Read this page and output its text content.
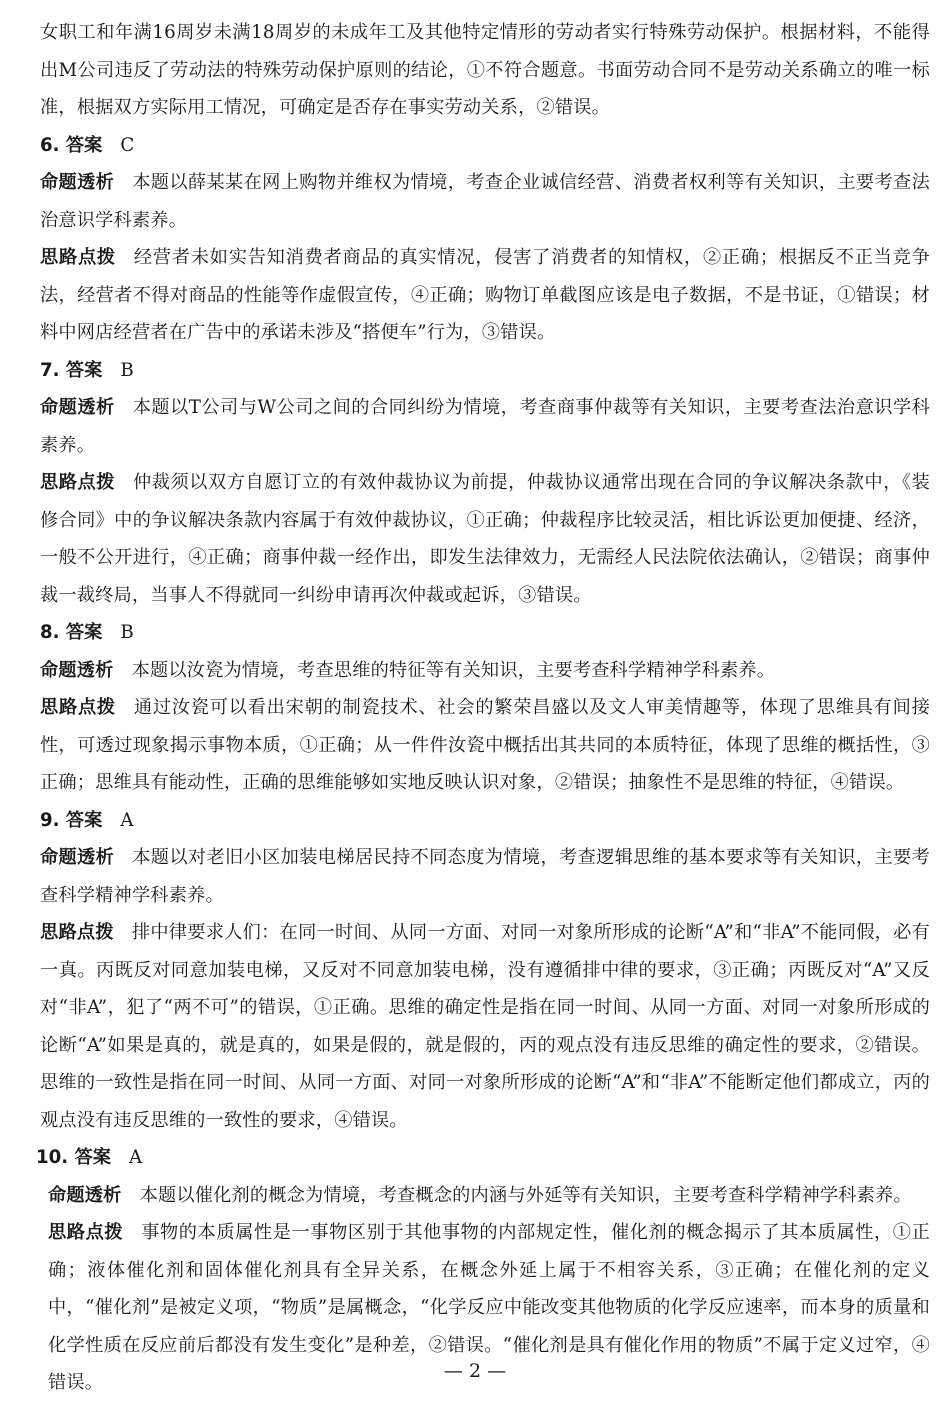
女职工和年满16周岁未满18周岁的未成年工及其他特定情形的劳动者实行特殊劳动保护。根据材料，不能得出M公司违反了劳动法的特殊劳动保护原则的结论，①不符合题意。书面劳动合同不是劳动关系确立的唯一标准，根据双方实际用工情况，可确定是否存在事实劳动关系，②错误。

6. 答案 C

命题透析 本题以薛某某在网上购物并维权为情境，考查企业诚信经营、消费者权利等有关知识，主要考查法治意识学科素养。

思路点拨 经营者未如实告知消费者商品的真实情况，侵害了消费者的知情权，②正确；根据反不正当竞争法，经营者不得对商品的性能等作虚假宣传，④正确；购物订单截图应该是电子数据，不是书证，①错误；材料中网店经营者在广告中的承诺未涉及“搭便车”行为，③错误。

7. 答案 B

命题透析 本题以T公司与W公司之间的合同纠纷为情境，考查商事仲裁等有关知识，主要考查法治意识学科素养。

思路点拨 仲裁须以双方自愿订立的有效仲裁协议为前提，仲裁协议通常出现在合同的争议解决条款中，《装修合同》中的争议解决条款内容属于有效仲裁协议，①正确；仲裁程序比较灵活，相比诉讼更加便捷、经济，一般不公开进行，④正确；商事仲裁一经作出，即发生法律效力，无需经人民法院依法确认，②错误；商事仲裁一裁终局，当事人不得就同一纠纷申请再次仲裁或起诉，③错误。

8. 答案 B

命题透析 本题以汝瓷为情境，考查思维的特征等有关知识，主要考查科学精神学科素养。

思路点拨 通过汝瓷可以看出宋朝的制瓷技术、社会的繁荣昌盛以及文人审美情趣等，体现了思维具有间接性，可透过现象揭示事物本质，①正确；从一件件汝瓷中概括出其共同的本质特征，体现了思维的概括性，③正确；思维具有能动性，正确的思维能够如实地反映认识对象，②错误；抽象性不是思维的特征，④错误。

9. 答案 A

命题透析 本题以对老旧小区加装电梯居民持不同态度为情境，考查逻辑思维的基本要求等有关知识，主要考查科学精神学科素养。

思路点拨 排中律要求人们：在同一时间、从同一方面、对同一对象所形成的论断“A”和“非A”不能同假，必有一真。丙既反对同意加装电梯，又反对不同意加装电梯，没有遵循排中律的要求，③正确；丙既反对“A”又反对“非A”，犯了“两不可”的错误，①正确。思维的确定性是指在同一时间、从同一方面、对同一对象所形成的论断“A”如果是真的，就是真的，如果是假的，就是假的，丙的观点没有违反思维的确定性的要求，②错误。思维的一致性是指在同一时间、从同一方面、对同一对象所形成的论断“A”和“非A”不能断定他们都成立，丙的观点没有违反思维的一致性的要求，④错误。

10. 答案 A

命题透析 本题以催化剂的概念为情境，考查概念的内涵与外延等有关知识，主要考查科学精神学科素养。

思路点拨 事物的本质属性是一事物区别于其他事物的内部规定性，催化剂的概念揭示了其本质属性，①正确；液体催化剂和固体催化剂具有全异关系，在概念外延上属于不相容关系，③正确；在催化剂的定义中，“催化剂”是被定义项，“物质”是属概念，“化学反应中能改变其他物质的化学反应速率，而本身的质量和化学性质在反应前后都没有发生变化”是种差，②错误。“催化剂是具有催化作用的物质”不属于定义过窄，④错误。

— 2 —
